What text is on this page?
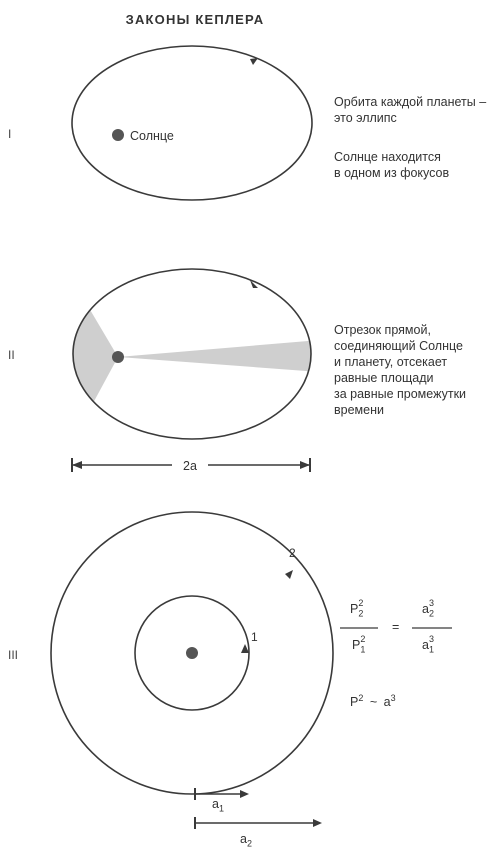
ЗАКОНЫ КЕПЛЕРА
I
Орбита каждой планеты –
это эллипс
Солнце находится
в одном из фокусов
II
Отрезок прямой,
соединяющий Солнце
и планету, отсекает
равные площади
за равные промежутки
времени
III
$P_2^2$
$P_1^2$
=
$a_2^3$
$a_1^3$
$P^2$ ~ $a^3$
$a_1$
$a_2$
Солнце
2a
1
2
